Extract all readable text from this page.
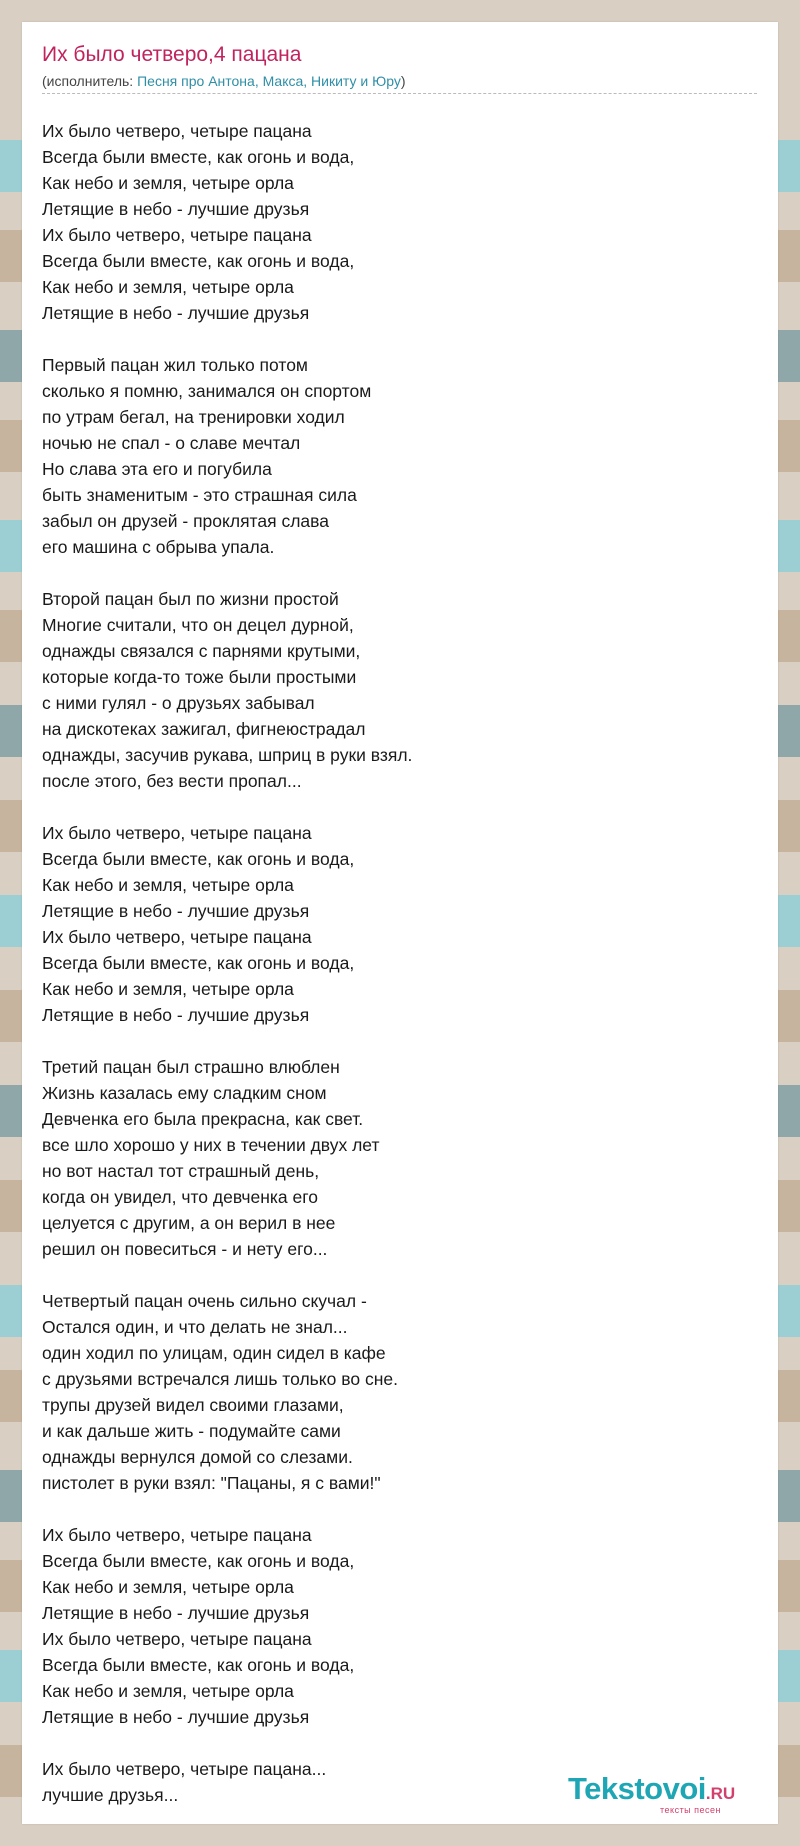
Их было четверо,4 пацана
(исполнитель: Песня про Антона, Макса, Никиту и Юру)
Их было четверо, четыре пацана
Всегда были вместе, как огонь и вода,
Как небо и земля, четыре орла
Летящие в небо - лучшие друзья
Их было четверо, четыре пацана
Всегда были вместе, как огонь и вода,
Как небо и земля, четыре орла
Летящие в небо - лучшие друзья
Первый пацан жил только потом
сколько я помню, занимался он спортом
по утрам бегал, на тренировки ходил
ночью не спал - о славе мечтал
Но слава эта его и погубила
быть знаменитым - это страшная сила
забыл он друзей - проклятая слава
его машина с обрыва упала.
Второй пацан был по жизни простой
Многие считали, что он децел дурной,
однажды связался с парнями крутыми,
которые когда-то тоже были простыми
с ними гулял - о друзьях забывал
на дискотеках зажигал, фигнеюстрадал
однажды, засучив рукава, шприц в руки взял.
после этого, без вести пропал...
Их было четверо, четыре пацана
Всегда были вместе, как огонь и вода,
Как небо и земля, четыре орла
Летящие в небо - лучшие друзья
Их было четверо, четыре пацана
Всегда были вместе, как огонь и вода,
Как небо и земля, четыре орла
Летящие в небо - лучшие друзья
Третий пацан был страшно влюблен
Жизнь казалась ему сладким сном
Девченка его была прекрасна, как свет.
все шло хорошо у них в течении двух лет
но вот настал тот страшный день,
когда он увидел, что девченка его
целуется с другим, а он верил в нее
решил он повеситься - и нету его...
Четвертый пацан очень сильно скучал -
Остался один, и что делать не знал...
один ходил по улицам, один сидел в кафе
с друзьями встречался лишь только во сне.
трупы друзей видел своими глазами,
и как дальше жить - подумайте сами
однажды вернулся домой со слезами.
пистолет в руки взял: "Пацаны, я с вами!"
Их было четверо, четыре пацана
Всегда были вместе, как огонь и вода,
Как небо и земля, четыре орла
Летящие в небо - лучшие друзья
Их было четверо, четыре пацана
Всегда были вместе, как огонь и вода,
Как небо и земля, четыре орла
Летящие в небо - лучшие друзья
Их было четверо, четыре пацана...
лучшие друзья...	Tekstovoi.RU
тексты песен
